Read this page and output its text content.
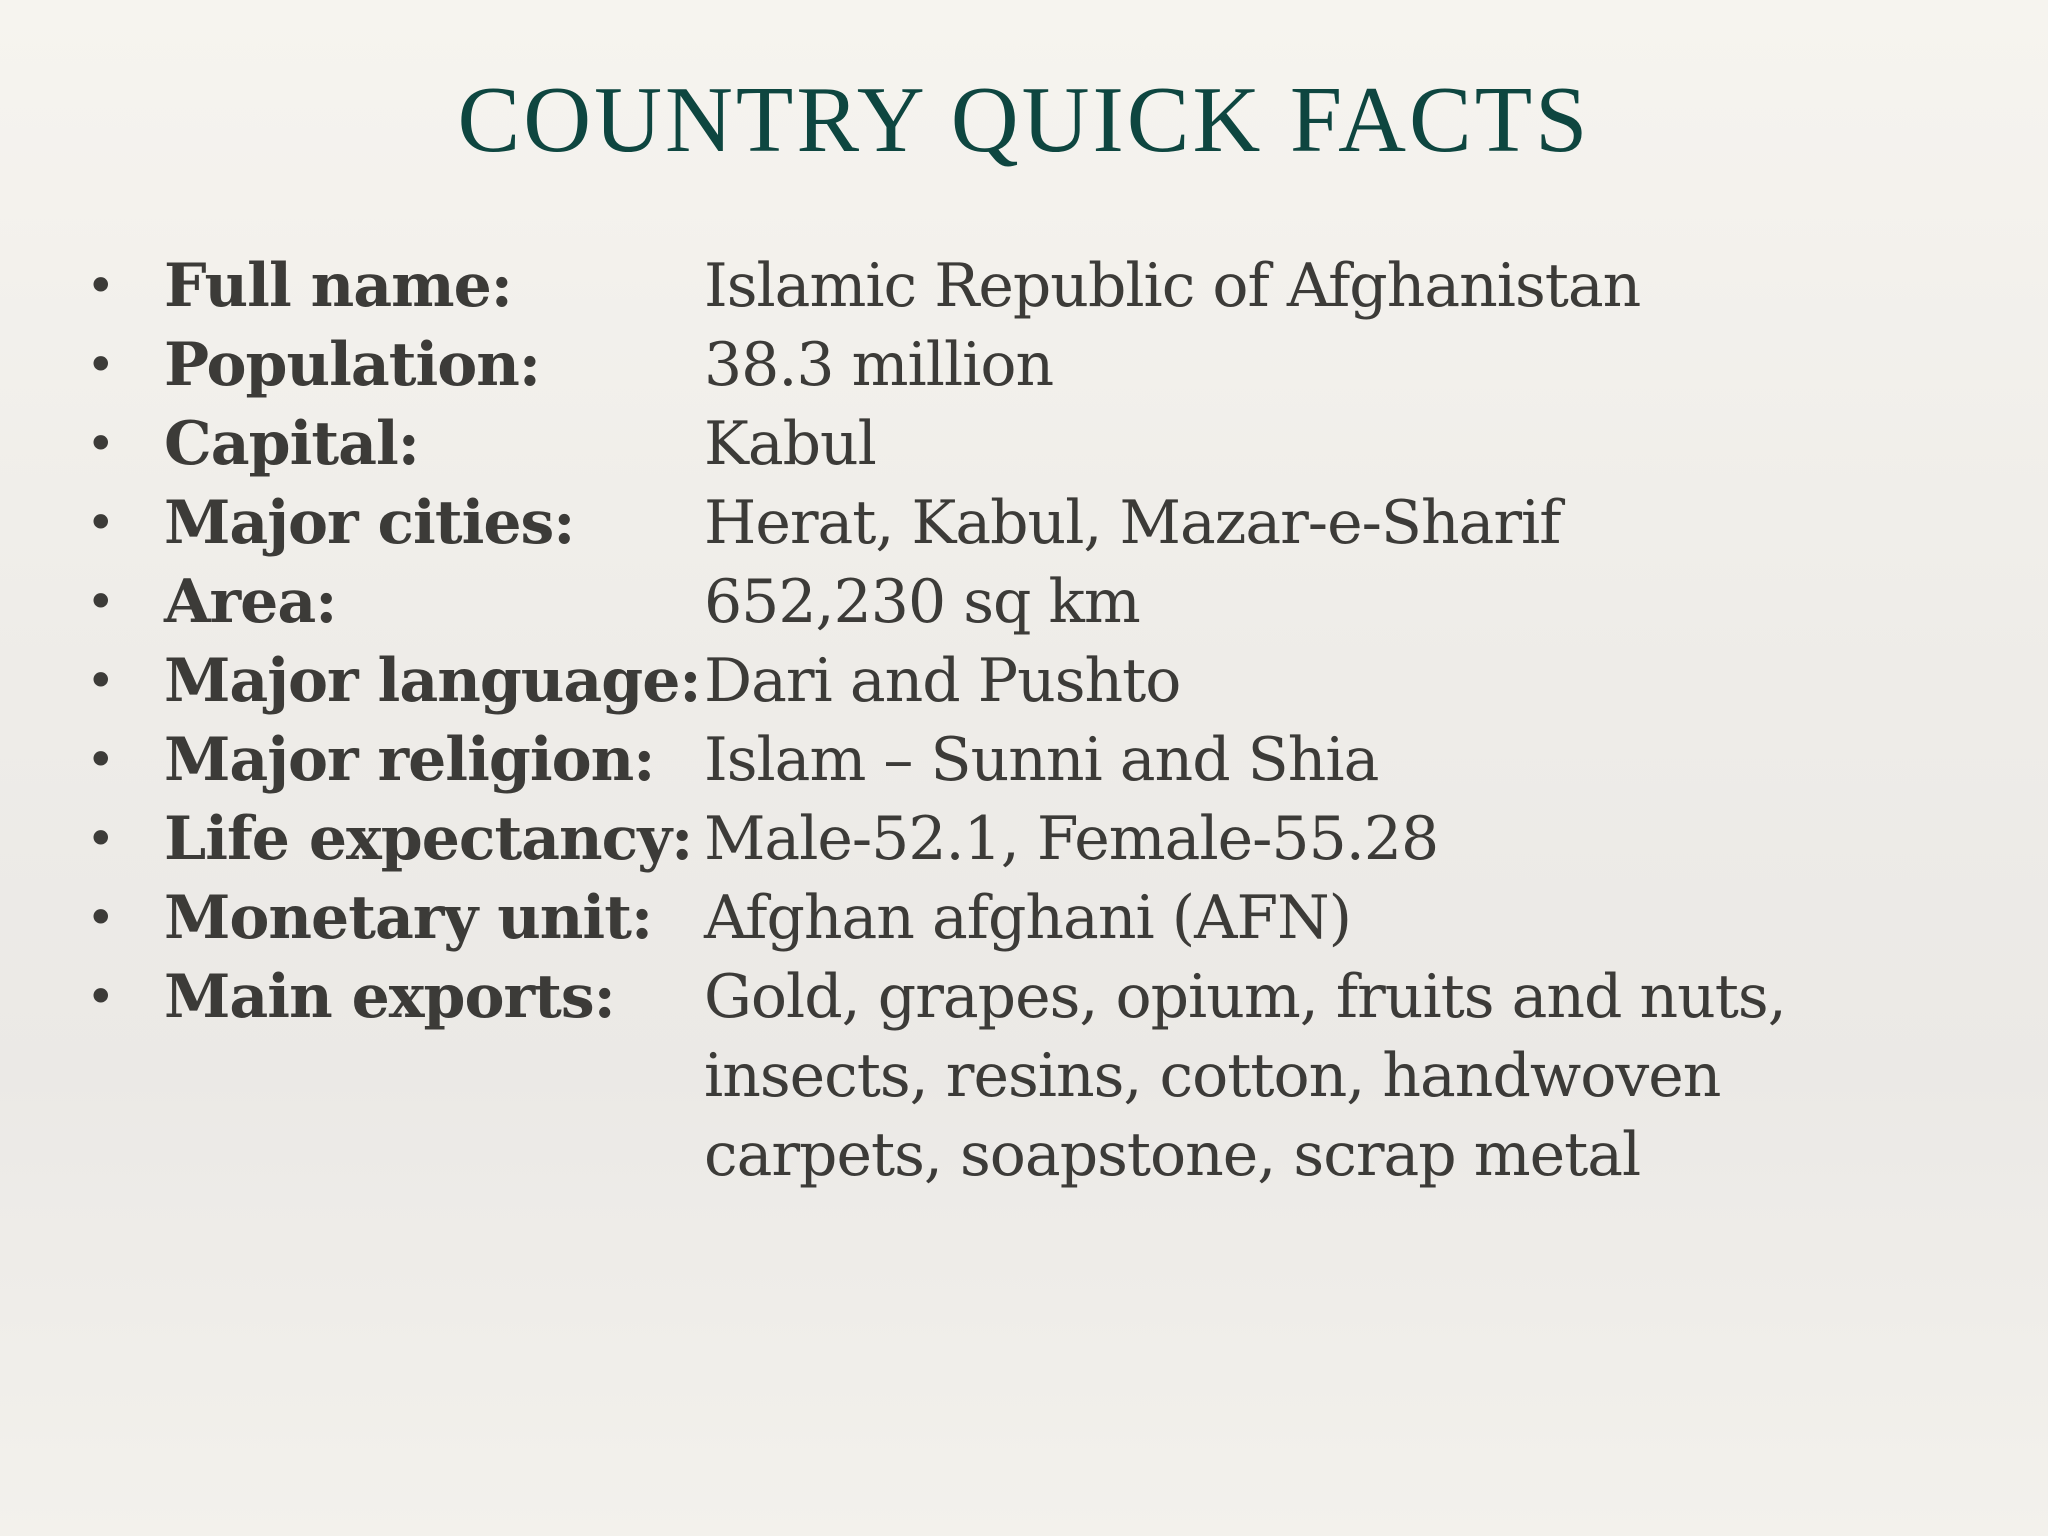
COUNTRY QUICK FACTS
• Full name:	Islamic Republic of Afghanistan
• Population:	38.3 million
• Capital:	Kabul
• Major cities:	Herat, Kabul, Mazar-e-Sharif
• Area:	652,230 sq km
• Major language: Dari and Pushto
• Major religion: Islam – Sunni and Shia
• Life expectancy: Male-52.1, Female-55.28
• Monetary unit: Afghan afghani (AFN)
• Main exports:	Gold, grapes, opium, fruits and nuts,
insects, resins, cotton, handwoven
carpets, soapstone, scrap metal
